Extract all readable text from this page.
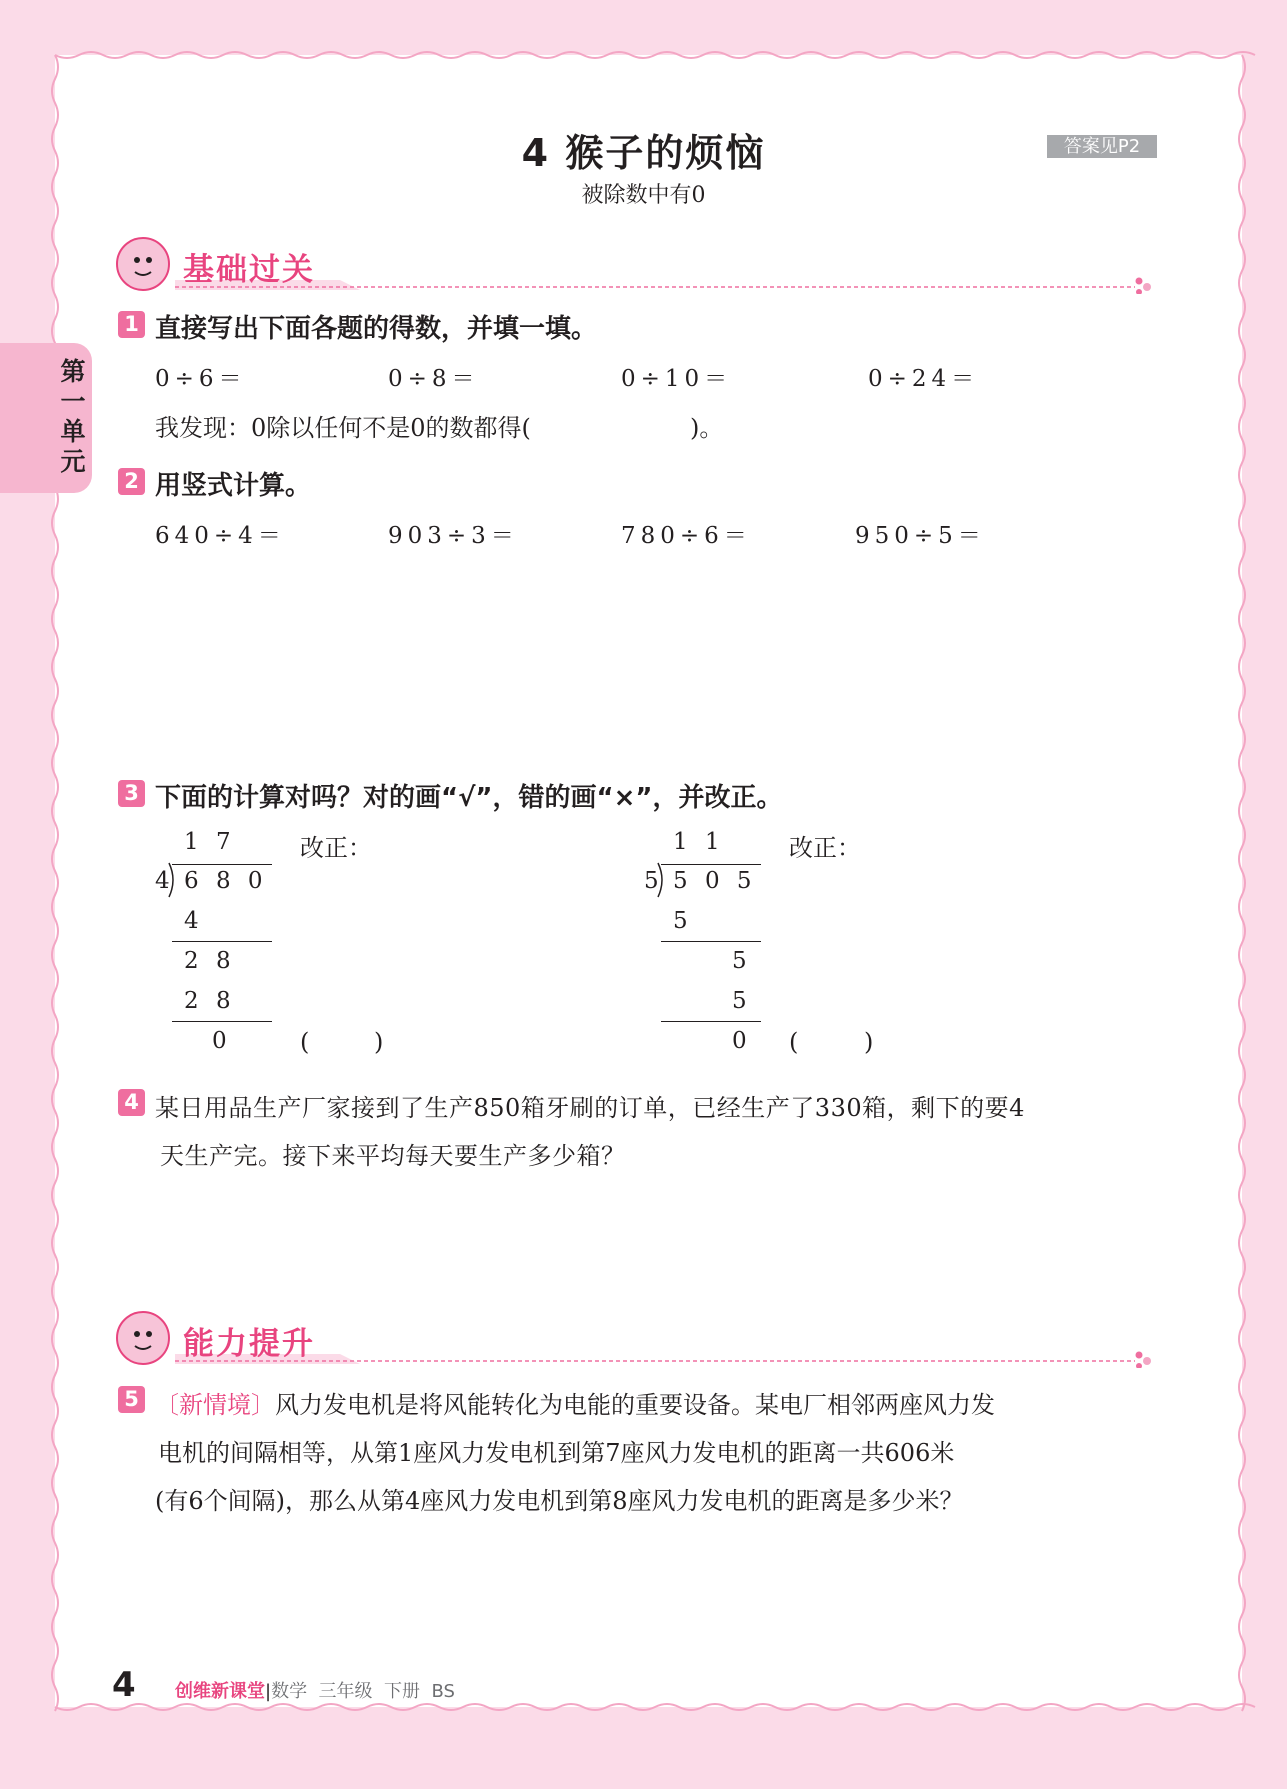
4 猴子的烦恼
被除数中有0
答案见P2
第一单元
基础过关
1 直接写出下面各题的得数，并填一填。
0÷6＝	0÷8＝	0÷10＝	0÷24＝
我发现：0除以任何不是0的数都得(	)。
2 用竖式计算。
640÷4＝	903÷3＝	780÷6＝	950÷5＝
3 下面的计算对吗？对的画“√”，错的画“×”，并改正。
1 7
4 6 8 0
4
2 8
2 8
0
改正：
(	)
1 1
5 5 0 5
5
5
5
0
改正：
(	)
4 某日用品生产厂家接到了生产850箱牙刷的订单，已经生产了330箱，剩下的要4
天生产完。接下来平均每天要生产多少箱？
能力提升
5 〔新情境〕风力发电机是将风能转化为电能的重要设备。某电厂相邻两座风力发
电机的间隔相等，从第1座风力发电机到第7座风力发电机的距离一共606米
(有6个间隔)，那么从第4座风力发电机到第8座风力发电机的距离是多少米？
4 创维新课堂|数学 三年级 下册 BS
